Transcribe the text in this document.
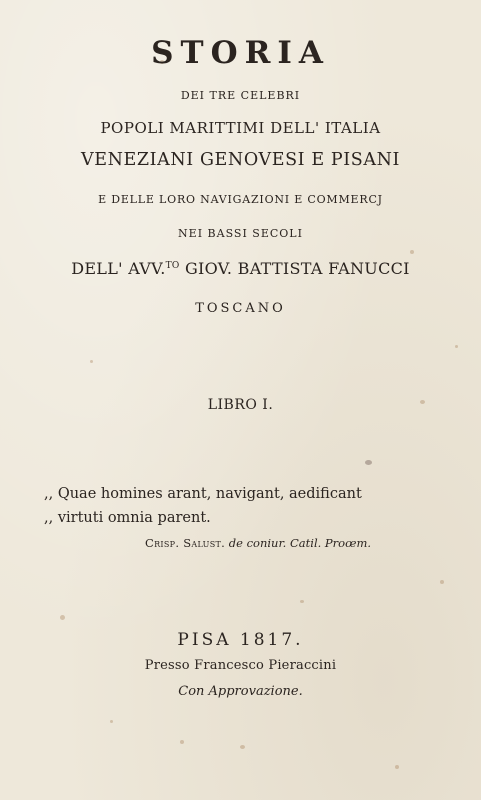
STORIA
DEI TRE CELEBRI
POPOLI MARITTIMI DELL' ITALIA
VENEZIANI GENOVESI E PISANI
E DELLE LORO NAVIGAZIONI E COMMERCJ
NEI BASSI SECOLI
DELL' AVV.$^{TO}$ GIOV. BATTISTA FANUCCI
TOSCANO
LIBRO I.
,, Quae homines arant, navigant, aedificant
,, virtuti omnia parent.
Crisp. Salust. de coniur. Catil. Proœm.
PISA 1817.
Presso Francesco Pieraccini
Con Approvazione.
